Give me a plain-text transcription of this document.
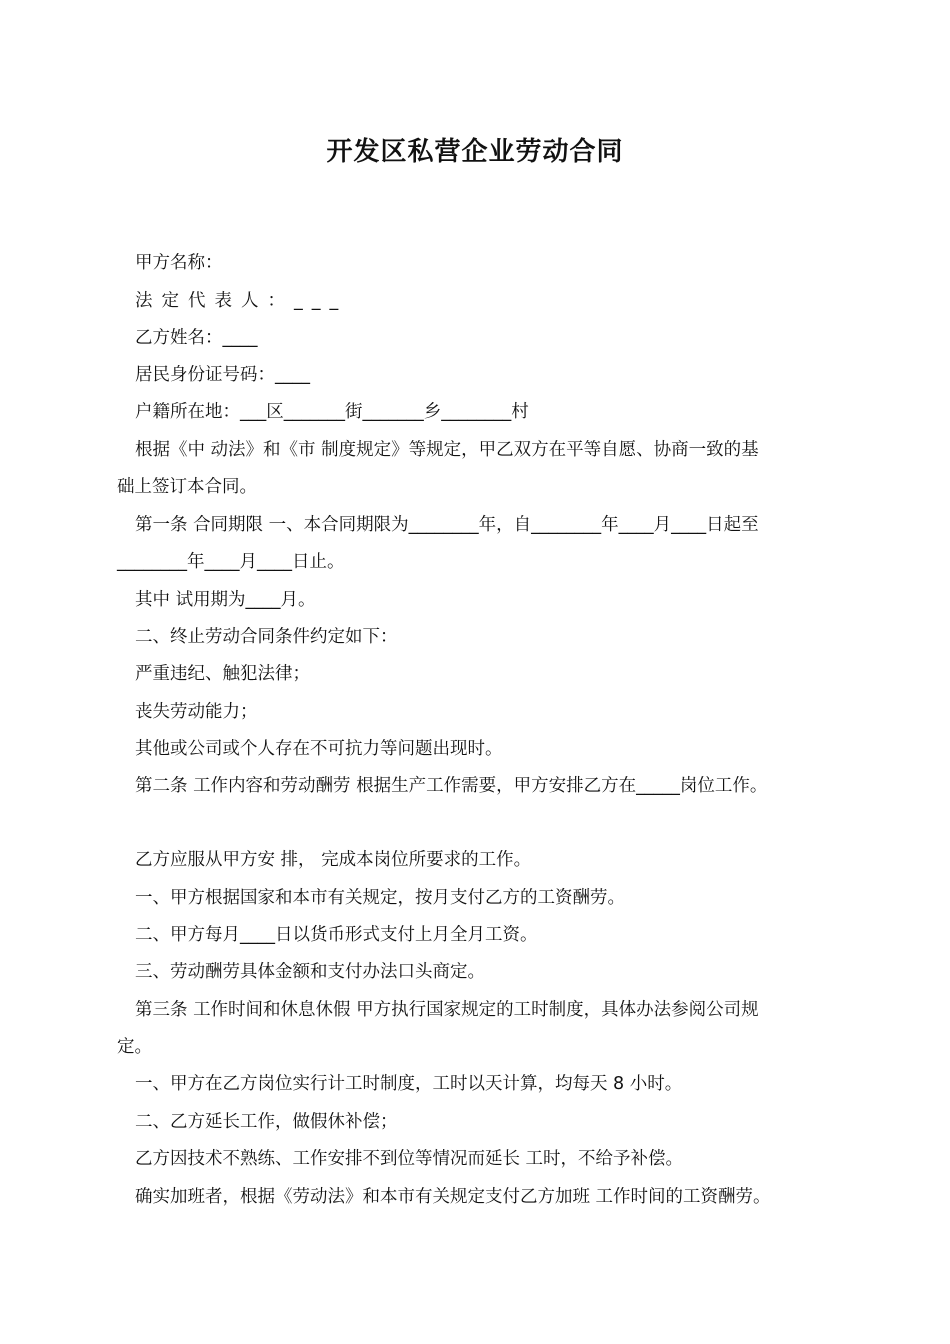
开发区私营企业劳动合同
甲方名称：
法定代表人：___
乙方姓名：____
居民身份证号码：____
户籍所在地：___区_______街_______乡________村
根据《中 动法》和《市 制度规定》等规定，甲乙双方在平等自愿、协商一致的基
础上签订本合同。
第一条 合同期限 一、本合同期限为________年，自________年____月____日起至
________年____月____日止。
其中 试用期为____月。
二、终止劳动合同条件约定如下：
严重违纪、触犯法律；
丧失劳动能力；
其他或公司或个人存在不可抗力等问题出现时。
第二条 工作内容和劳动酬劳 根据生产工作需要，甲方安排乙方在_____岗位工作。
乙方应服从甲方安 排， 完成本岗位所要求的工作。
一、甲方根据国家和本市有关规定，按月支付乙方的工资酬劳。
二、甲方每月____日以货币形式支付上月全月工资。
三、劳动酬劳具体金额和支付办法口头商定。
第三条 工作时间和休息休假 甲方执行国家规定的工时制度，具体办法参阅公司规
定。
一、甲方在乙方岗位实行计工时制度，工时以天计算，均每天 8 小时。
二、乙方延长工作，做假休补偿；
乙方因技术不熟练、工作安排不到位等情况而延长 工时，不给予补偿。
确实加班者，根据《劳动法》和本市有关规定支付乙方加班 工作时间的工资酬劳。
